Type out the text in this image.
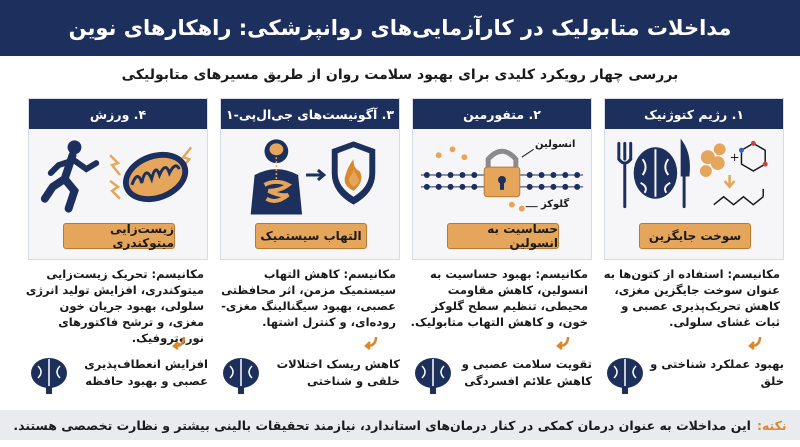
مداخلات متابولیک در کارآزمایی‌های روانپزشکی: راهکارهای نوین
بررسی چهار رویکرد کلیدی برای بهبود سلامت روان از طریق مسیرهای متابولیکی
۱. رژیم کتوژنیک
+
سوخت جایگزین
۲. متفورمین
انسولین
گلوکز
حساسیت به انسولین
۳. آگونیست‌های جی‌ال‌پی-۱
التهاب سیستمیک
۴. ورزش
زیست‌زایی میتوکندری
مکانیسم: استفاده از کتون‌ها به عنوان سوخت جایگزین مغزی، کاهش تحریک‌پذیری عصبی و ثبات غشای سلولی.
مکانیسم: بهبود حساسیت به انسولین، کاهش مقاومت محیطی، تنظیم سطح گلوکز خون، و کاهش التهاب متابولیک.
مکانیسم: کاهش التهاب سیستمیک مزمن، اثر محافظتی عصبی، بهبود سیگنالینگ مغزی-روده‌ای، و کنترل اشتها.
مکانیسم: تحریک زیست‌زایی میتوکندری، افزایش تولید انرژی سلولی، بهبود جریان خون مغزی، و ترشح فاکتورهای نوروتروفیک.
بهبود عملکرد شناختی و خلق
تقویت سلامت عصبی و کاهش علائم افسردگی
کاهش ریسک اختلالات خلقی و شناختی
افزایش انعطاف‌پذیری عصبی و بهبود حافظه
نکته:
این مداخلات به عنوان درمان کمکی در کنار درمان‌های استاندارد، نیازمند تحقیقات بالینی بیشتر و نظارت تخصصی هستند.
